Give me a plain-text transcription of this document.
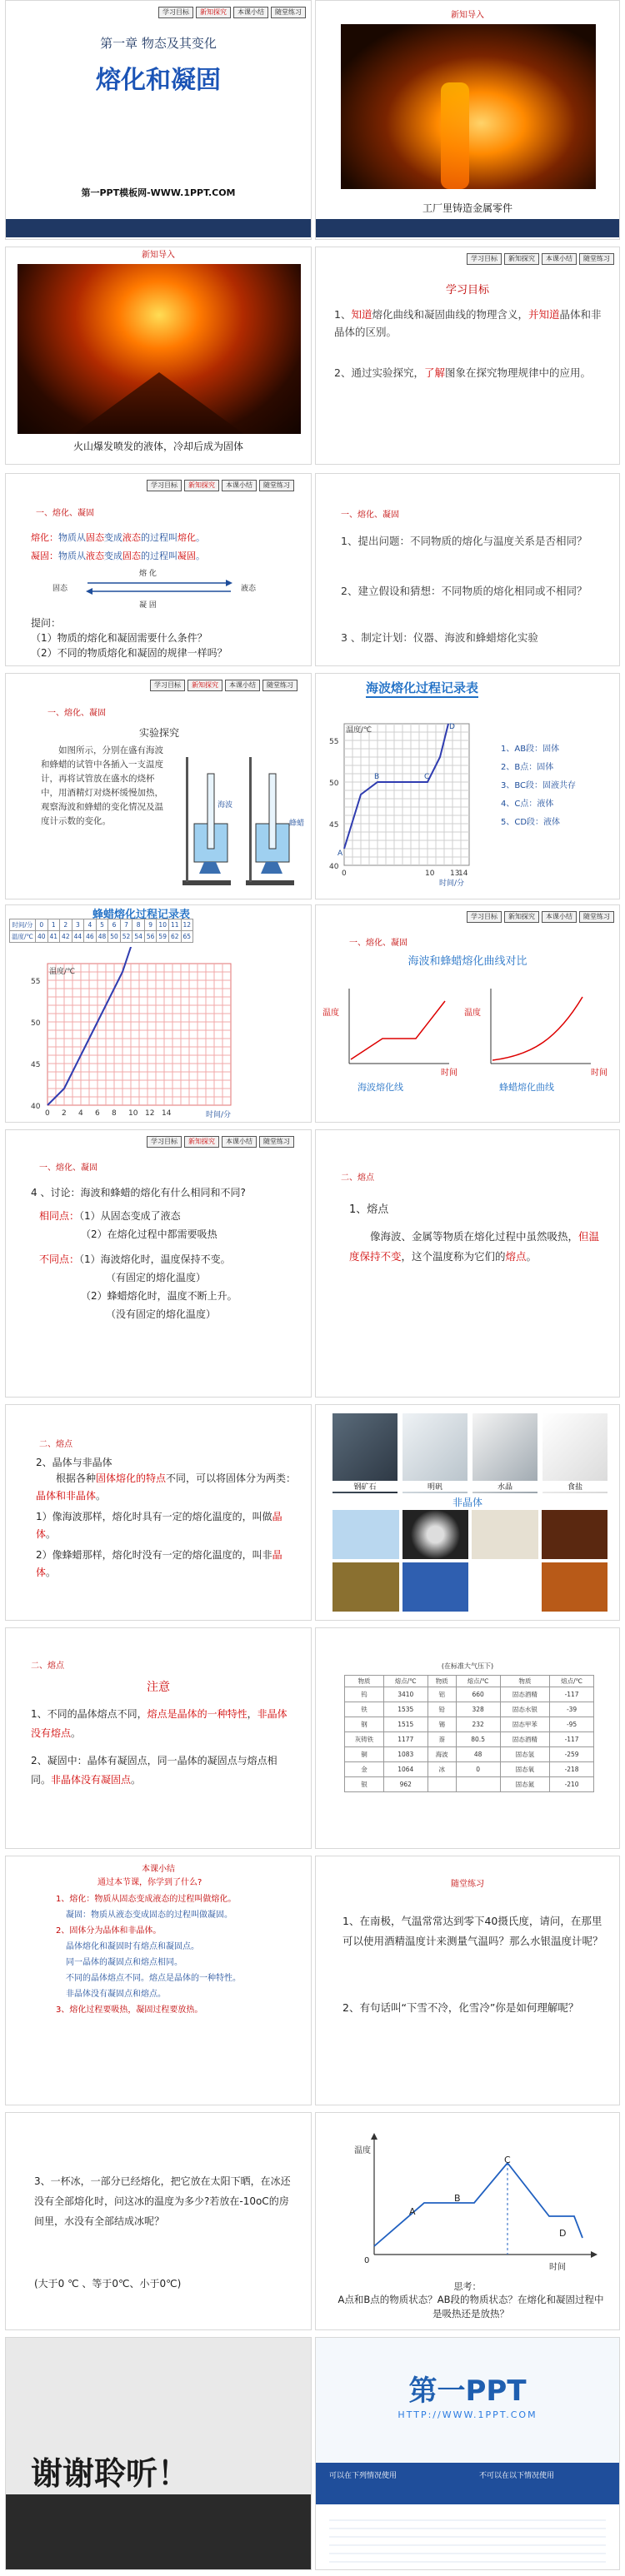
学习目标	新知探究	本课小结	随堂练习
第一章 物态及其变化
熔化和凝固
第一PPT模板网-WWW.1PPT.COM
新知导入
工厂里铸造金属零件
新知导入
火山爆发喷发的液体，冷却后成为固体
学习目标	新知探究	本课小结	随堂练习
学习目标
1、知道熔化曲线和凝固曲线的物理含义，并知道晶体和非晶体的区别。
2、通过实验探究，了解图象在探究物理规律中的应用。
学习目标	新知探究	本课小结	随堂练习
一、熔化、凝固
熔化：物质从固态变成液态的过程叫熔化。
凝固：物质从液态变成固态的过程叫凝固。
熔 化
固态	液态
凝 固
提问：
（1）物质的熔化和凝固需要什么条件？
（2）不同的物质熔化和凝固的规律一样吗？
一、熔化、凝固
1、提出问题：不同物质的熔化与温度关系是否相同？
2、建立假设和猜想：不同物质的熔化相同或不相同？
3 、制定计划：仪器、海波和蜂蜡熔化实验
学习目标	新知探究	本课小结	随堂练习
一、熔化、凝固
实验探究
如图所示，分别在盛有海波和蜂蜡的试管中各插入一支温度计，再将试管放在盛水的烧杯中，用酒精灯对烧杯缓慢加热，观察海波和蜂蜡的变化情况及温度计示数的变化。
海波
蜂蜡
海波熔化过程记录表
40
45
50
55
0	10 13
14
温度/℃
时间/分
A
B	C
D
1、AB段：固体
2、B点：固体
3、BC段：固液共存
4、C点：液体
5、CD段：液体
蜂蜡熔化过程记录表
时间/分	0	1	2	3	4	5	6	7	8	9	10	11	12
温度/℃	40	41	42	44	46	48	50	52	54	56	59	62	65
40
45
50
55
0 2 4 6 8 10 12 14
温度/℃
时间/分
学习目标	新知探究	本课小结	随堂练习
一、熔化、凝固
海波和蜂蜡熔化曲线对比
温度	温度
时间	时间
海波熔化线	蜂蜡熔化曲线
学习目标	新知探究	本课小结	随堂练习
一、熔化、凝固
4 、讨论：海波和蜂蜡的熔化有什么相同和不同?
相同点：（1）从固态变成了液态
（2）在熔化过程中都需要吸热
不同点：（1）海波熔化时，温度保持不变。
（有固定的熔化温度）
（2）蜂蜡熔化时，温度不断上升。
（没有固定的熔化温度）
二、熔点
1、熔点
像海波、金属等物质在熔化过程中虽然吸热，但温度保持不变，这个温度称为它们的熔点。
二、熔点
2、晶体与非晶体
根据各种固体熔化的特点不同，可以将固体分为两类：晶体和非晶体。
1）像海波那样，熔化时具有一定的熔化温度的，叫做晶体。
2）像蜂蜡那样，熔化时没有一定的熔化温度的，叫非晶体。
钢矿石	明矾	水晶	食盐
非晶体
二、熔点
注意
1、不同的晶体熔点不同，熔点是晶体的一种特性，非晶体没有熔点。
2、凝固中：晶体有凝固点，同一晶体的凝固点与熔点相同。非晶体没有凝固点。
(在标准大气压下)
物质	熔点/℃	物质	熔点/℃	物质	熔点/℃
钨	3410	铝	660	固态酒精	-117
铁	1535	铅	328	固态水银	-39
钢	1515	锡	232	固态甲苯	-95
灰铸铁	1177	萘	80.5	固态酒精	-117
铜	1083	海波	48	固态氢	-259
金	1064	冰	0	固态氧	-218
银	962			固态氮	-210
本课小结
通过本节课，你学到了什么?
1、熔化：物质从固态变成液态的过程叫做熔化。
凝固：物质从液态变成固态的过程叫做凝固。
2、固体分为晶体和非晶体。
晶体熔化和凝固时有熔点和凝固点。
同一晶体的凝固点和熔点相同。
不同的晶体熔点不同。熔点是晶体的一种特性。
非晶体没有凝固点和熔点。
3、熔化过程要吸热，凝固过程要放热。
随堂练习
1、在南极，气温常常达到零下40摄氏度，请问，在那里可以使用酒精温度计来测量气温吗？那么水银温度计呢？
2、有句话叫“下雪不冷，化雪冷”你是如何理解呢？
3、一杯冰，一部分已经熔化，把它放在太阳下晒，在冰还没有全部熔化时，问这冰的温度为多少?若放在-10oC的房间里，水没有全部结成冰呢？
(大于0 ℃ 、等于0℃、小于0℃)
温度
A
B
C
D
0
时间
思考：
A点和B点的物质状态？AB段的物质状态？在熔化和凝固过程中是吸热还是放热？
谢谢聆听！
第一PPT
HTTP://WWW.1PPT.COM
可以在下列情况使用	不可以在以下情况使用
